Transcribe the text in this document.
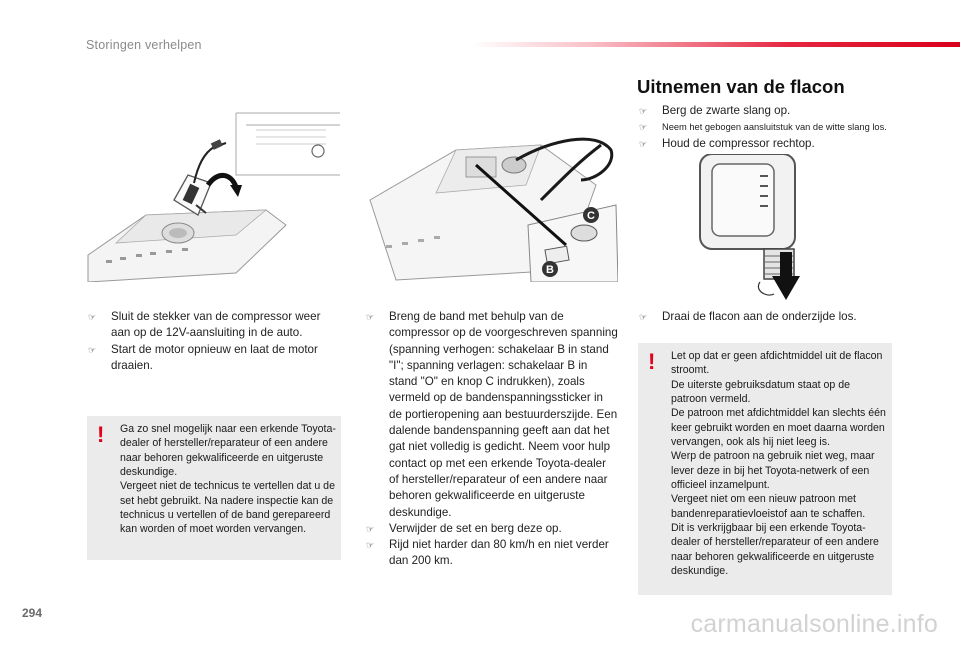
Storingen verhelpen
C
B
☞	Sluit de stekker van de compressor weer aan op de 12V-aansluiting in de auto.
☞	Start de motor opnieuw en laat de motor draaien.
! Ga zo snel mogelijk naar een erkende Toyota-dealer of hersteller/reparateur of een andere naar behoren gekwalificeerde en uitgeruste deskundige.
Vergeet niet de technicus te vertellen dat u de set hebt gebruikt. Na nadere inspectie kan de technicus u vertellen of de band gerepareerd kan worden of moet worden vervangen.
☞	Breng de band met behulp van de compressor op de voorgeschreven spanning (spanning verhogen: schakelaar B in stand "I"; spanning verlagen: schakelaar B in stand "O" en knop C indrukken), zoals vermeld op de bandenspanningssticker in de portieropening aan bestuurderszijde. Een dalende bandenspanning geeft aan dat het gat niet volledig is gedicht. Neem voor hulp contact op met een erkende Toyota-dealer of hersteller/reparateur of een andere naar behoren gekwalificeerde en uitgeruste deskundige.
☞	Verwijder de set en berg deze op.
☞	Rijd niet harder dan 80 km/h en niet verder dan 200 km.
Uitnemen van de flacon
☞	Berg de zwarte slang op.
☞	Neem het gebogen aansluitstuk van de witte slang los.
☞	Houd de compressor rechtop.
☞	Draai de flacon aan de onderzijde los.
! Let op dat er geen afdichtmiddel uit de flacon stroomt.
De uiterste gebruiksdatum staat op de patroon vermeld.
De patroon met afdichtmiddel kan slechts één keer gebruikt worden en moet daarna worden vervangen, ook als hij niet leeg is.
Werp de patroon na gebruik niet weg, maar lever deze in bij het Toyota-netwerk of een officieel inzamelpunt.
Vergeet niet om een nieuw patroon met bandenreparatievloeistof aan te schaffen.
Dit is verkrijgbaar bij een erkende Toyota-dealer of hersteller/reparateur of een andere naar behoren gekwalificeerde en uitgeruste deskundige.
294	carmanualsonline.info
